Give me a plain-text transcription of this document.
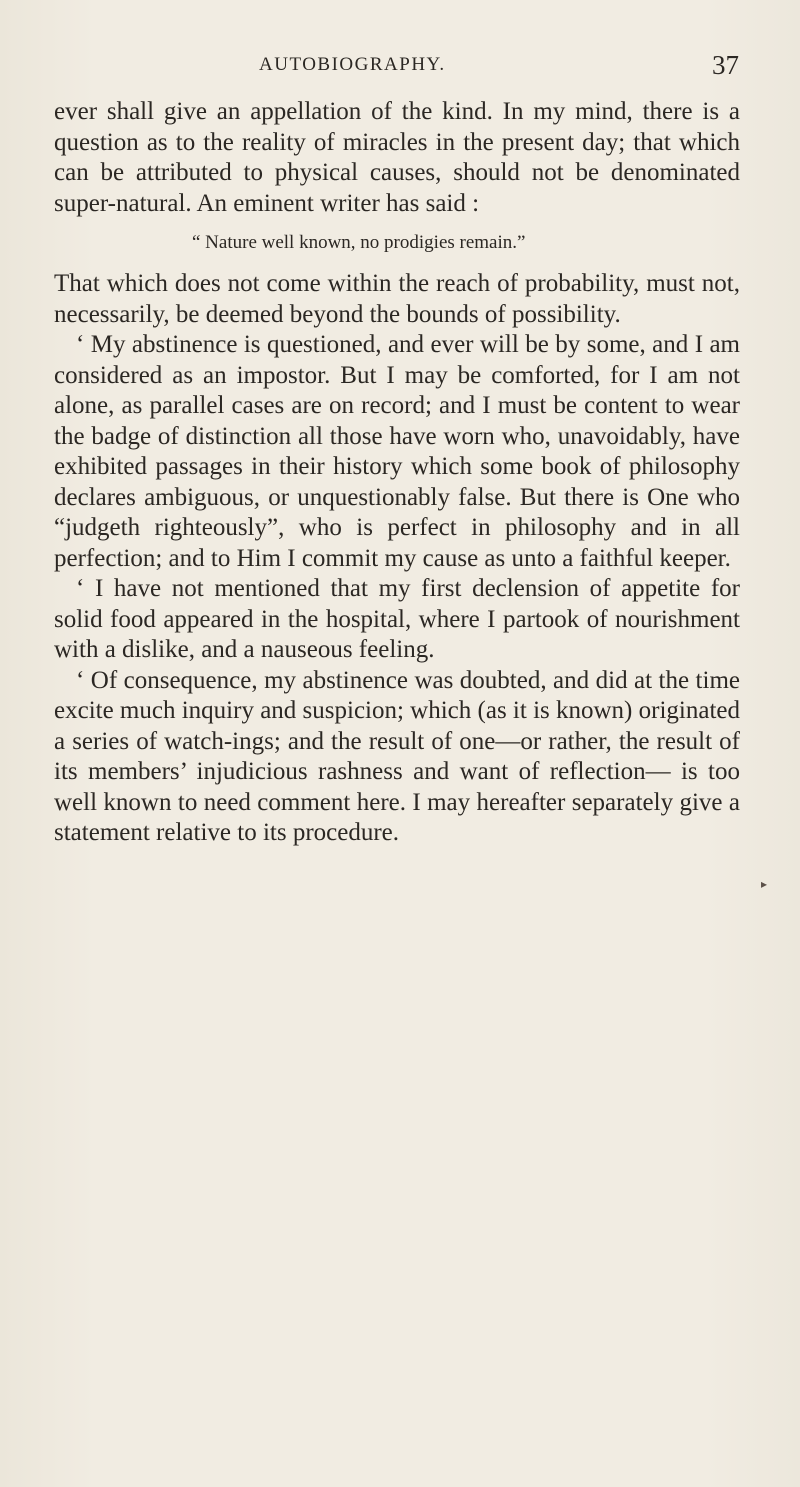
AUTOBIOGRAPHY.	37

ever shall give an appellation of the kind. In my mind, there is a question as to the reality of miracles in the present day; that which can be attributed to physical causes, should not be denominated super-natural. An eminent writer has said :

“ Nature well known, no prodigies remain.”

That which does not come within the reach of probability, must not, necessarily, be deemed beyond the bounds of possibility.

‘ My abstinence is questioned, and ever will be by some, and I am considered as an impostor. But I may be comforted, for I am not alone, as parallel cases are on record; and I must be content to wear the badge of distinction all those have worn who, unavoidably, have exhibited passages in their history which some book of philosophy declares ambiguous, or unquestionably false. But there is One who “judgeth righteously”, who is perfect in philosophy and in all perfection; and to Him I commit my cause as unto a faithful keeper.

‘ I have not mentioned that my first declension of appetite for solid food appeared in the hospital, where I partook of nourishment with a dislike, and a nauseous feeling.

‘ Of consequence, my abstinence was doubted, and did at the time excite much inquiry and suspicion; which (as it is known) originated a series of watch-ings; and the result of one—or rather, the result of its members’ injudicious rashness and want of reflection— is too well known to need comment here. I may hereafter separately give a statement relative to its procedure.

▸
